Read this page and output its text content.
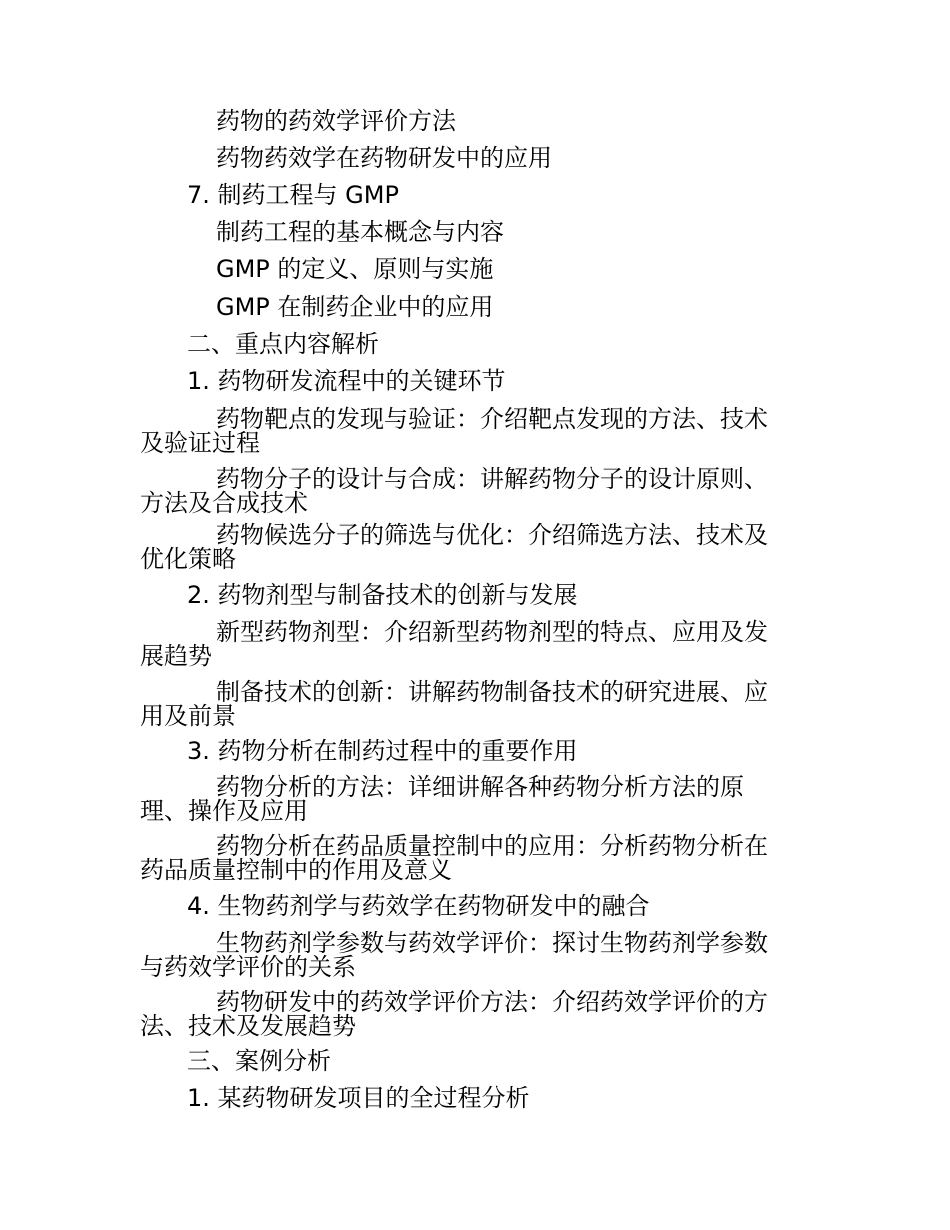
药物的药效学评价方法
药物药效学在药物研发中的应用
7. 制药工程与 GMP
制药工程的基本概念与内容
GMP 的定义、原则与实施
GMP 在制药企业中的应用
二、重点内容解析
1. 药物研发流程中的关键环节
药物靶点的发现与验证：介绍靶点发现的方法、技术
及验证过程
药物分子的设计与合成：讲解药物分子的设计原则、
方法及合成技术
药物候选分子的筛选与优化：介绍筛选方法、技术及
优化策略
2. 药物剂型与制备技术的创新与发展
新型药物剂型：介绍新型药物剂型的特点、应用及发
展趋势
制备技术的创新：讲解药物制备技术的研究进展、应
用及前景
3. 药物分析在制药过程中的重要作用
药物分析的方法：详细讲解各种药物分析方法的原
理、操作及应用
药物分析在药品质量控制中的应用：分析药物分析在
药品质量控制中的作用及意义
4. 生物药剂学与药效学在药物研发中的融合
生物药剂学参数与药效学评价：探讨生物药剂学参数
与药效学评价的关系
药物研发中的药效学评价方法：介绍药效学评价的方
法、技术及发展趋势
三、案例分析
1. 某药物研发项目的全过程分析
